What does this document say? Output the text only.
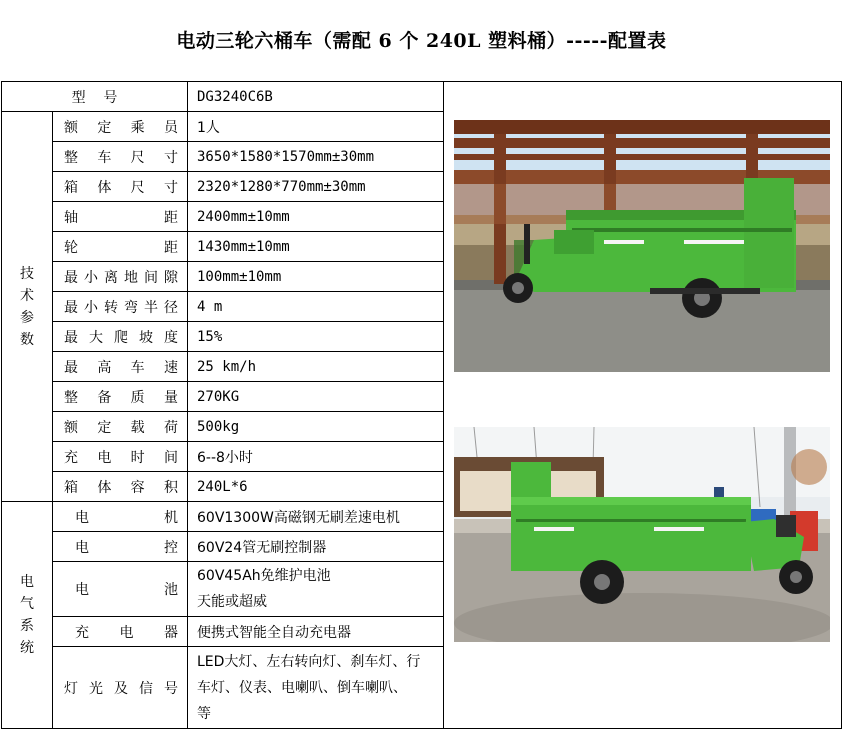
电动三轮六桶车（需配 6 个 240L 塑料桶）-----配置表
型    号		DG3240C6B	

技
术
参
数	额定乘员	1人	
	整车尺寸	3650*1580*1570mm±30mm	
	箱体尺寸	2320*1280*770mm±30mm	
	轴距	2400mm±10mm	
	轮距	1430mm±10mm	
	最小离地间隙	100mm±10mm	
	最小转弯半径	4 m	
	最大爬坡度	15%	
	最高车速	25 km/h	
	整备质量	270KG	
	额定载荷	500kg	
	充电时间	6--8小时	
	箱体容积	240L*6	
电
气
系
统	电机	60V1300W高磁钢无刷差速电机	
	电控	60V24管无刷控制器	
	电池	60V45Ah免维护电池
天能或超威	

	充电器	便携式智能全自动充电器	
	灯光及信号	LED大灯、左右转向灯、刹车灯、行
车灯、仪表、电喇叭、倒车喇叭、
等	
